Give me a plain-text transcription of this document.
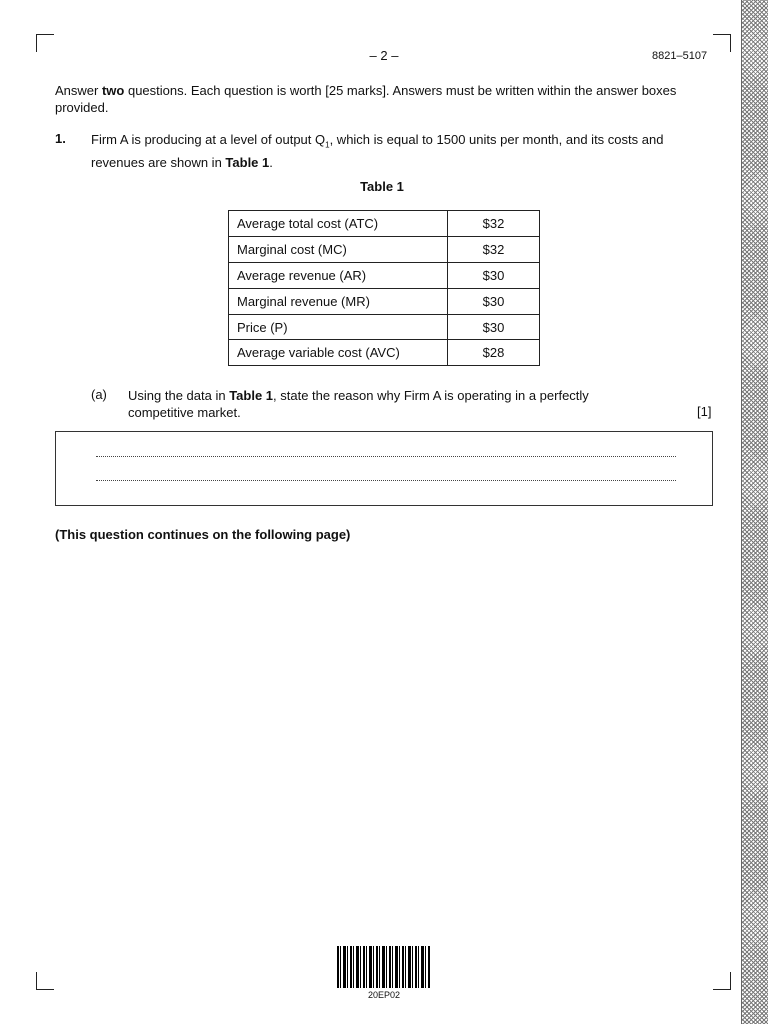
– 2 –	8821–5107
Answer two questions. Each question is worth [25 marks]. Answers must be written within the answer boxes provided.
1. Firm A is producing at a level of output $Q_1$, which is equal to 1500 units per month, and its costs and revenues are shown in Table 1.
Table 1
Average total cost (ATC)	$32
Marginal cost (MC)	$32
Average revenue (AR)	$30
Marginal revenue (MR)	$30
Price (P)	$30
Average variable cost (AVC)	$28
(a) Using the data in Table 1, state the reason why Firm A is operating in a perfectly competitive market.	[1]
(This question continues on the following page)
20EP02
